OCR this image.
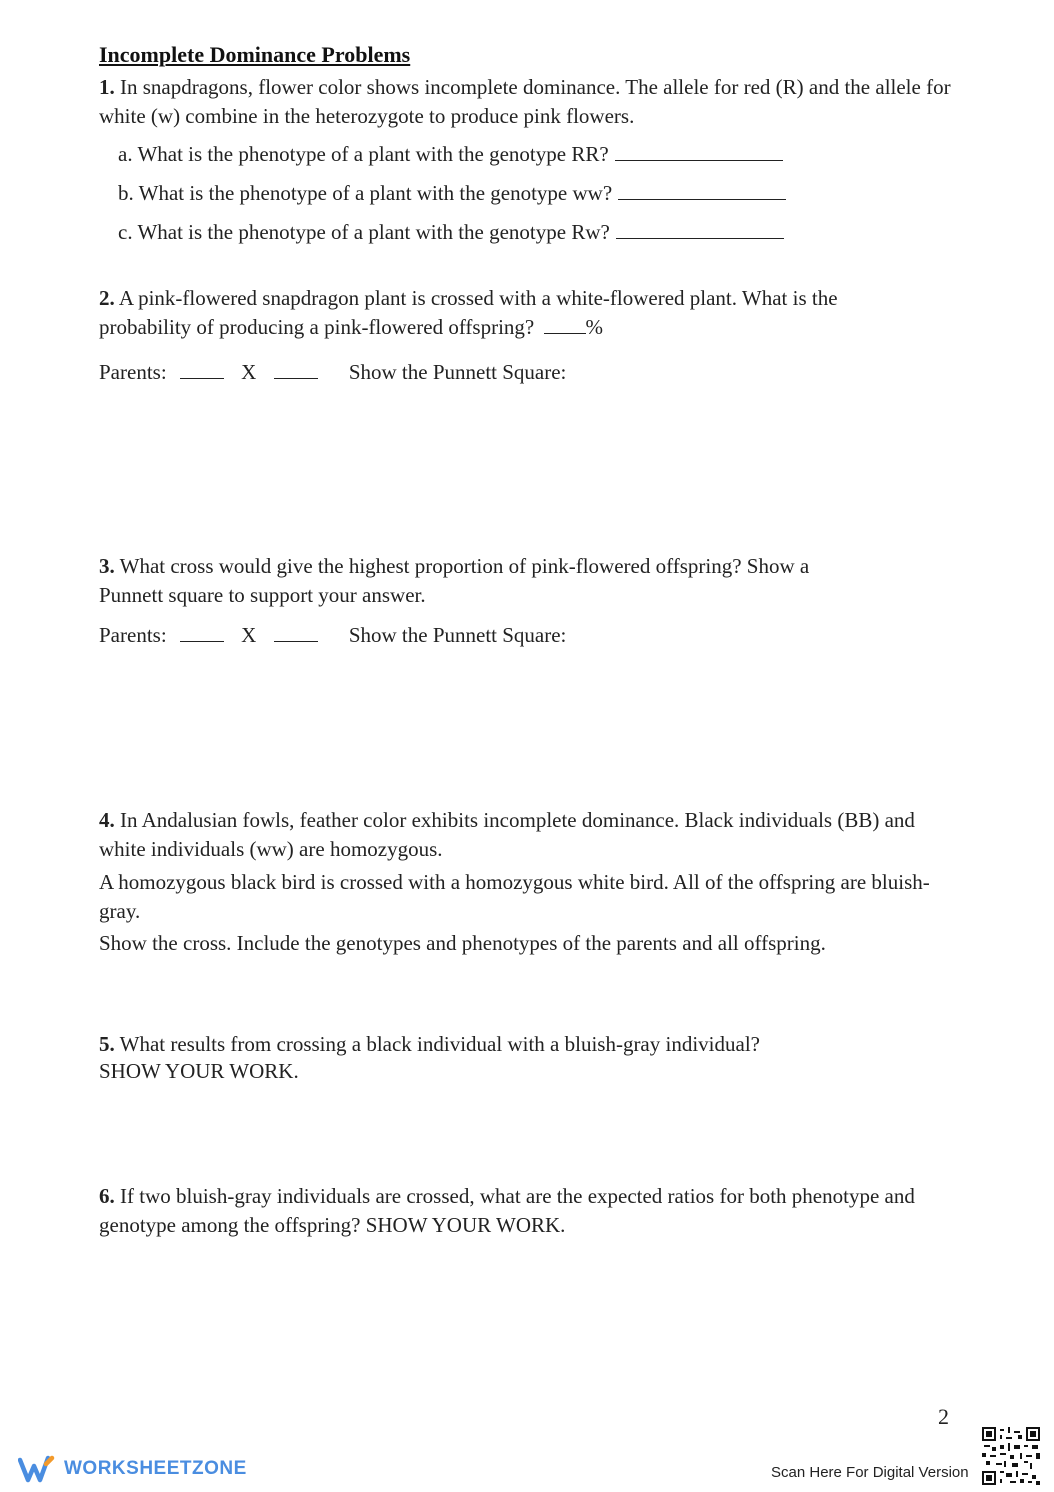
Incomplete Dominance Problems

1. In snapdragons, flower color shows incomplete dominance. The allele for red (R) and the allele for white (w) combine in the heterozygote to produce pink flowers.

a. What is the phenotype of a plant with the genotype RR?
b. What is the phenotype of a plant with the genotype ww?
c. What is the phenotype of a plant with the genotype Rw?

2. A pink-flowered snapdragon plant is crossed with a white-flowered plant. What is the probability of producing a pink-flowered offspring? %

Parents:	X	Show the Punnett Square:

3. What cross would give the highest proportion of pink-flowered offspring? Show a Punnett square to support your answer.

Parents:	X	Show the Punnett Square:

4. In Andalusian fowls, feather color exhibits incomplete dominance. Black individuals (BB) and white individuals (ww) are homozygous.

A homozygous black bird is crossed with a homozygous white bird. All of the offspring are bluish-gray.

Show the cross. Include the genotypes and phenotypes of the parents and all offspring.

5. What results from crossing a black individual with a bluish-gray individual?

SHOW YOUR WORK.

6. If two bluish-gray individuals are crossed, what are the expected ratios for both phenotype and genotype among the offspring? SHOW YOUR WORK.

2
WORKSHEETZONE	Scan Here For Digital Version
